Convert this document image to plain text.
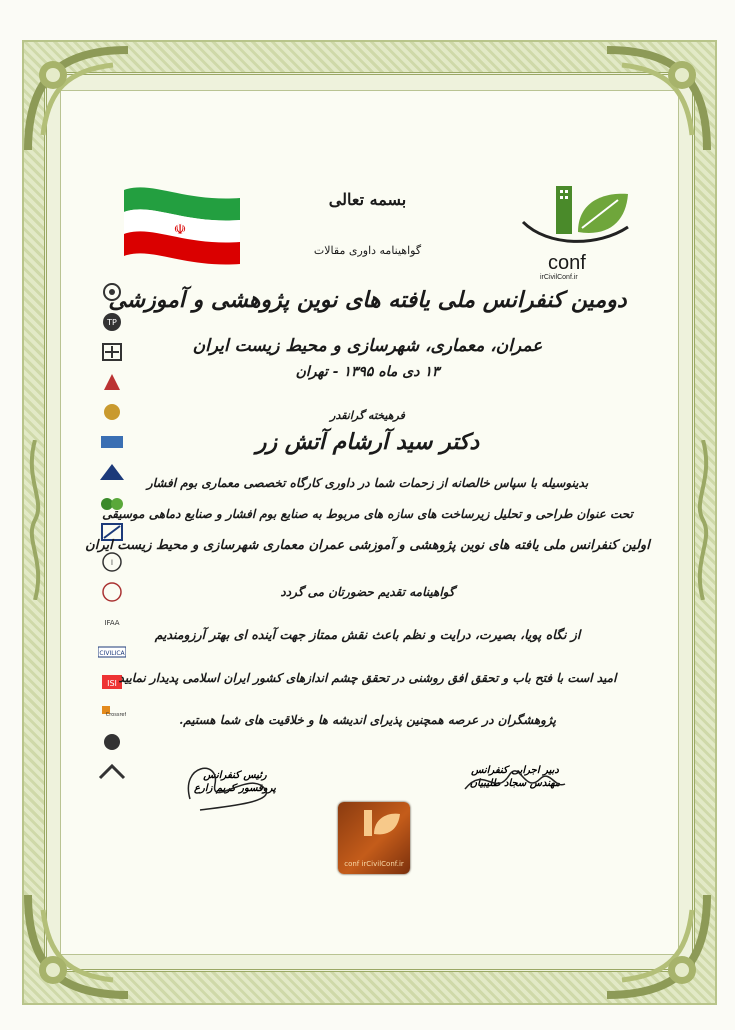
☫
conf
irCivilConf.ir
TP
ا
IFAA
CIVILICA
ISI
Crossref
بسمه تعالی
گواهینامه داوری مقالات
دومین کنفرانس ملی یافته های نوین پژوهشی و آموزشی
عمران، معماری، شهرسازی و محیط زیست ایران
۱۳ دی ماه ۱۳۹۵ - تهران
فرهیخته گرانقدر
دکتر سید آرشام آتش زر
بدینوسیله با سپاس خالصانه از زحمات شما در داوری کارگاه تخصصی معماری بوم افشار
تحت عنوان طراحی و تحلیل زیرساخت های سازه های مربوط به صنایع بوم افشار و صنایع دماهی موسیقی
اولین کنفرانس ملی یافته های نوین پژوهشی و آموزشی عمران معماری شهرسازی و محیط زیست ایران
گواهینامه تقدیم حضورتان می گردد
از نگاه پویا، بصیرت، درایت و نظم باعث نقش ممتاز جهت آینده ای بهتر آرزومندیم
امید است با فتح باب و تحقق افق روشنی در تحقق چشم اندازهای کشور ایران اسلامی پدیدار نمایید
پژوهشگران در عرصه همچنین پذیرای اندیشه ها و خلاقیت های شما هستیم.
دبیر اجرایی کنفرانس
مهندس سجاد طلیبیان
رئیس کنفرانس
پروفسور کریم زارع
conf irCivilConf.ir
